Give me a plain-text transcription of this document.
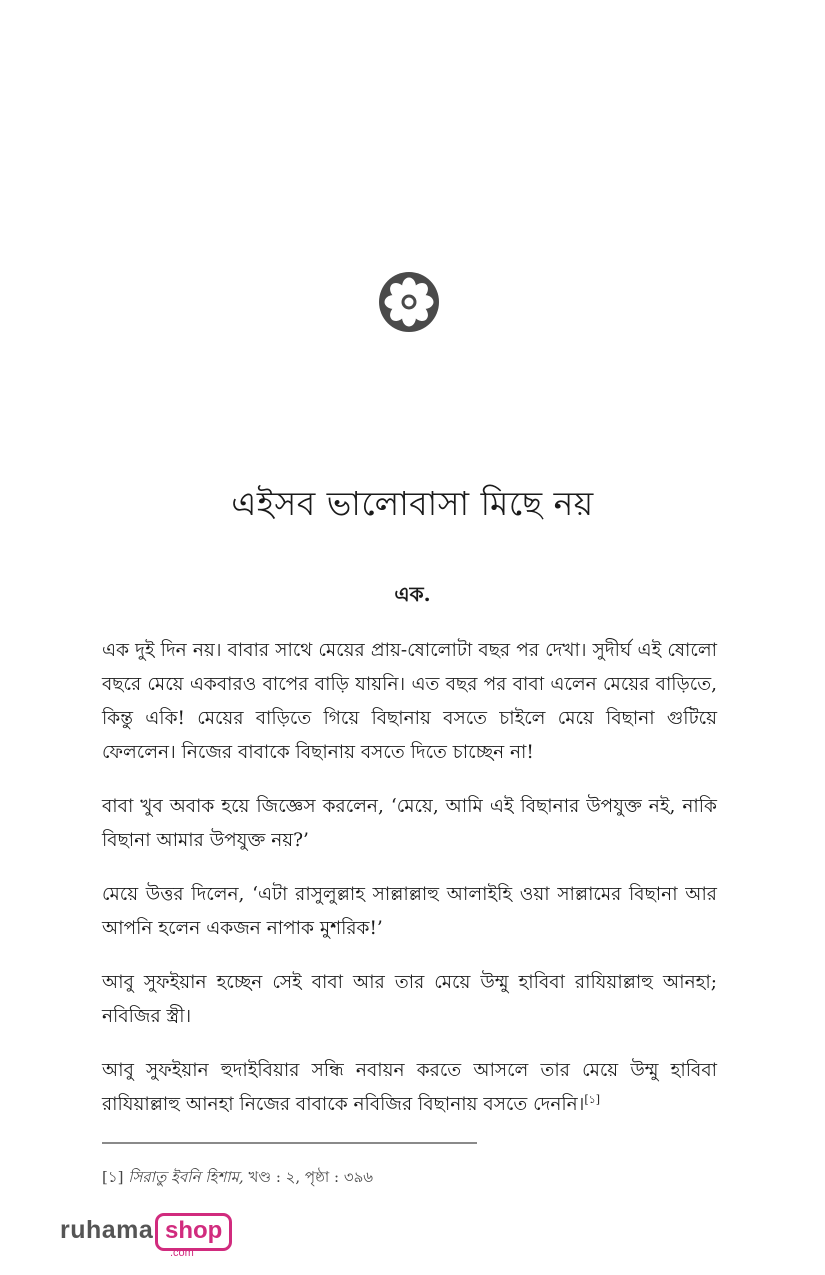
এইসব ভালোবাসা মিছে নয়
এক.

এক দুই দিন নয়। বাবার সাথে মেয়ের প্রায়-ষোলোটা বছর পর দেখা। সুদীর্ঘ এই ষোলো বছরে মেয়ে একবারও বাপের বাড়ি যায়নি। এত বছর পর বাবা এলেন মেয়ের বাড়িতে, কিন্তু একি! মেয়ের বাড়িতে গিয়ে বিছানায় বসতে চাইলে মেয়ে বিছানা গুটিয়ে ফেললেন। নিজের বাবাকে বিছানায় বসতে দিতে চাচ্ছেন না!

বাবা খুব অবাক হয়ে জিজ্ঞেস করলেন, ‘মেয়ে, আমি এই বিছানার উপযুক্ত নই, নাকি বিছানা আমার উপযুক্ত নয়?’

মেয়ে উত্তর দিলেন, ‘এটা রাসুলুল্লাহ সাল্লাল্লাহু আলাইহি ওয়া সাল্লামের বিছানা আর আপনি হলেন একজন নাপাক মুশরিক!’

আবু সুফইয়ান হচ্ছেন সেই বাবা আর তার মেয়ে উম্মু হাবিবা রাযিয়াল্লাহু আনহা; নবিজির স্ত্রী।

আবু সুফইয়ান হুদাইবিয়ার সন্ধি নবায়ন করতে আসলে তার মেয়ে উম্মু হাবিবা রাযিয়াল্লাহু আনহা নিজের বাবাকে নবিজির বিছানায় বসতে দেননি।[১]

[১] সিরাতু ইবনি হিশাম, খণ্ড : ২, পৃষ্ঠা : ৩৯৬
ruhama shop
.com
